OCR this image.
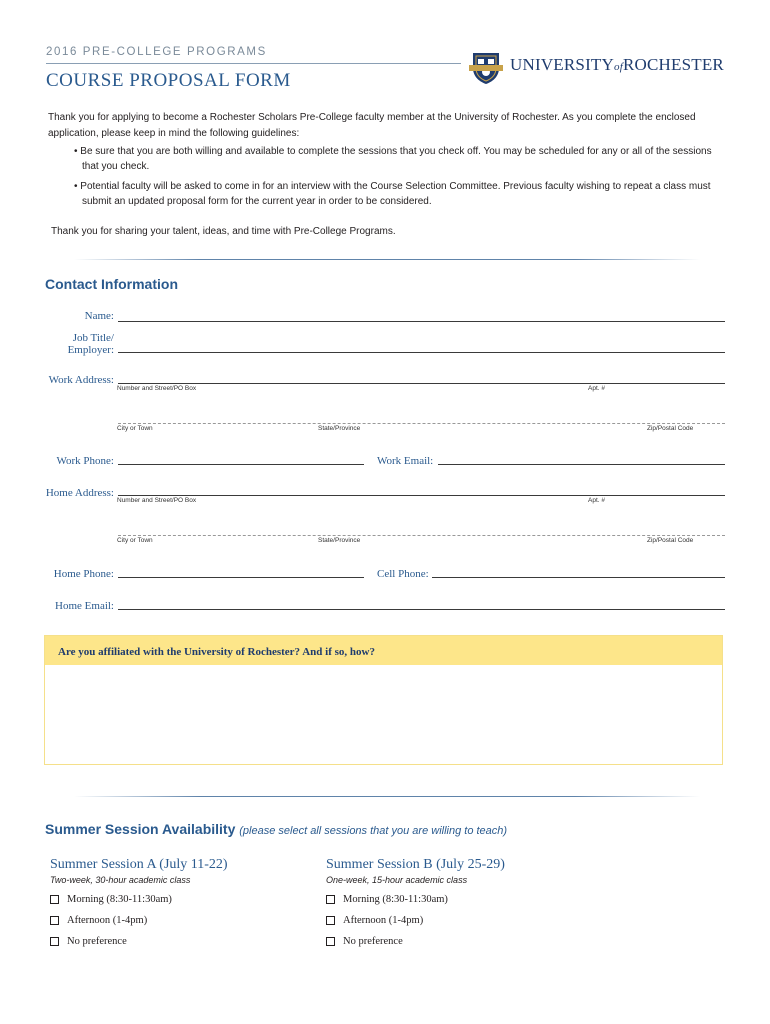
2016 PRE-COLLEGE PROGRAMS
COURSE PROPOSAL FORM
UNIVERSITYofROCHESTER
Thank you for applying to become a Rochester Scholars Pre-College faculty member at the University of Rochester. As you complete the enclosed application, please keep in mind the following guidelines:
• Be sure that you are both willing and available to complete the sessions that you check off. You may be scheduled for any or all of the sessions that you check.
• Potential faculty will be asked to come in for an interview with the Course Selection Committee. Previous faculty wishing to repeat a class must submit an updated proposal form for the current year in order to be considered.
Thank you for sharing your talent, ideas, and time with Pre-College Programs.
Contact Information
Name:
Job Title/
Employer:
Work Address:
Number and Street/PO Box	Apt. #
City or Town	State/Province	Zip/Postal Code
Work Phone:	Work Email:
Home Address:
Number and Street/PO Box	Apt. #
City or Town	State/Province	Zip/Postal Code
Home Phone:	Cell Phone:
Home Email:
Are you affiliated with the University of Rochester? And if so, how?
Summer Session Availability (please select all sessions that you are willing to teach)
Summer Session A (July 11-22)
Two-week, 30-hour academic class
Morning (8:30-11:30am)
Afternoon (1-4pm)
No preference
Summer Session B (July 25-29)
One-week, 15-hour academic class
Morning (8:30-11:30am)
Afternoon (1-4pm)
No preference
